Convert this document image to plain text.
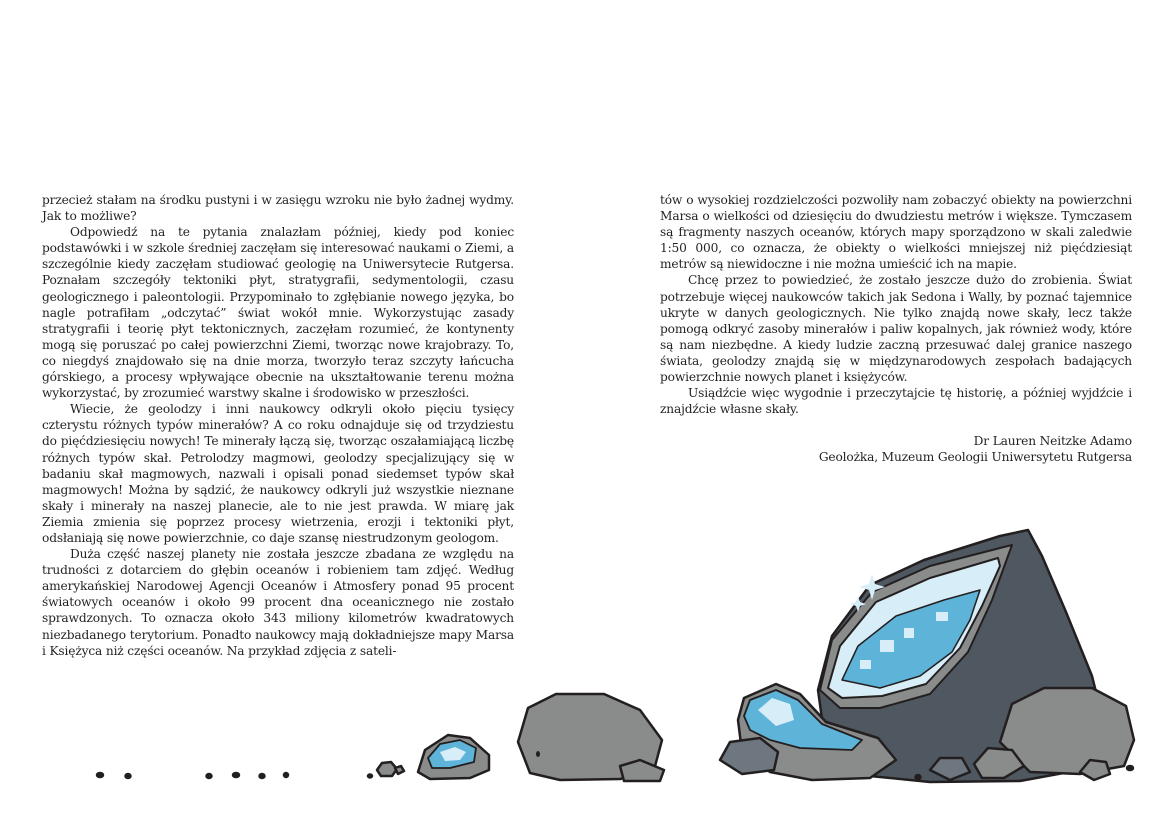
przecież stałam na środku pustyni i w zasięgu wzroku nie było żadnej wydmy. Jak to możliwe?

Odpowiedź na te pytania znalazłam później, kiedy pod koniec podstawówki i w szkole średniej zaczęłam się interesować naukami o Ziemi, a szczególnie kiedy zaczęłam studiować geologię na Uniwersytecie Rutgersa. Poznałam szczegóły tektoniki płyt, stratygrafii, sedymentologii, czasu geologicznego i paleontologii. Przypominało to zgłębianie nowego języka, bo nagle potrafiłam „odczytać” świat wokół mnie. Wykorzystując zasady stratygrafii i teorię płyt tektonicznych, zaczęłam rozumieć, że kontynenty mogą się poruszać po całej powierzchni Ziemi, tworząc nowe krajobrazy. To, co niegdyś znajdowało się na dnie morza, tworzyło teraz szczyty łańcucha górskiego, a procesy wpływające obecnie na ukształtowanie terenu można wykorzystać, by zrozumieć warstwy skalne i środowisko w przeszłości.

Wiecie, że geolodzy i inni naukowcy odkryli około pięciu tysięcy czterystu różnych typów minerałów? A co roku odnajduje się od trzydziestu do pięćdziesięciu nowych! Te minerały łączą się, tworząc oszałamiającą liczbę różnych typów skał. Petrolodzy magmowi, geolodzy specjalizujący się w badaniu skał magmowych, nazwali i opisali ponad siedemset typów skał magmowych! Można by sądzić, że naukowcy odkryli już wszystkie nieznane skały i minerały na naszej planecie, ale to nie jest prawda. W miarę jak Ziemia zmienia się poprzez procesy wietrzenia, erozji i tektoniki płyt, odsłaniają się nowe powierzchnie, co daje szansę niestrudzonym geologom.

Duża część naszej planety nie została jeszcze zbadana ze względu na trudności z dotarciem do głębin oceanów i robieniem tam zdjęć. Według amerykańskiej Narodowej Agencji Oceanów i Atmosfery ponad 95 procent światowych oceanów i około 99 procent dna oceanicznego nie zostało sprawdzonych. To oznacza około 343 miliony kilometrów kwadratowych niezbadanego terytorium. Ponadto naukowcy mają dokładniejsze mapy Marsa i Księżyca niż części oceanów. Na przykład zdjęcia z sateli-

tów o wysokiej rozdzielczości pozwoliły nam zobaczyć obiekty na powierzchni Marsa o wielkości od dziesięciu do dwudziestu metrów i większe. Tymczasem są fragmenty naszych oceanów, których mapy sporządzono w skali zaledwie 1:50 000, co oznacza, że obiekty o wielkości mniejszej niż pięćdziesiąt metrów są niewidoczne i nie można umieścić ich na mapie.

Chcę przez to powiedzieć, że zostało jeszcze dużo do zrobienia. Świat potrzebuje więcej naukowców takich jak Sedona i Wally, by poznać tajemnice ukryte w danych geologicznych. Nie tylko znajdą nowe skały, lecz także pomogą odkryć zasoby minerałów i paliw kopalnych, jak również wody, które są nam niezbędne. A kiedy ludzie zaczną przesuwać dalej granice naszego świata, geolodzy znajdą się w międzynarodowych zespołach badających powierzchnie nowych planet i księżyców.

Usiądźcie więc wygodnie i przeczytajcie tę historię, a później wyjdźcie i znajdźcie własne skały.

Dr Lauren Neitzke Adamo
Geolożka, Muzeum Geologii Uniwersytetu Rutgersa
